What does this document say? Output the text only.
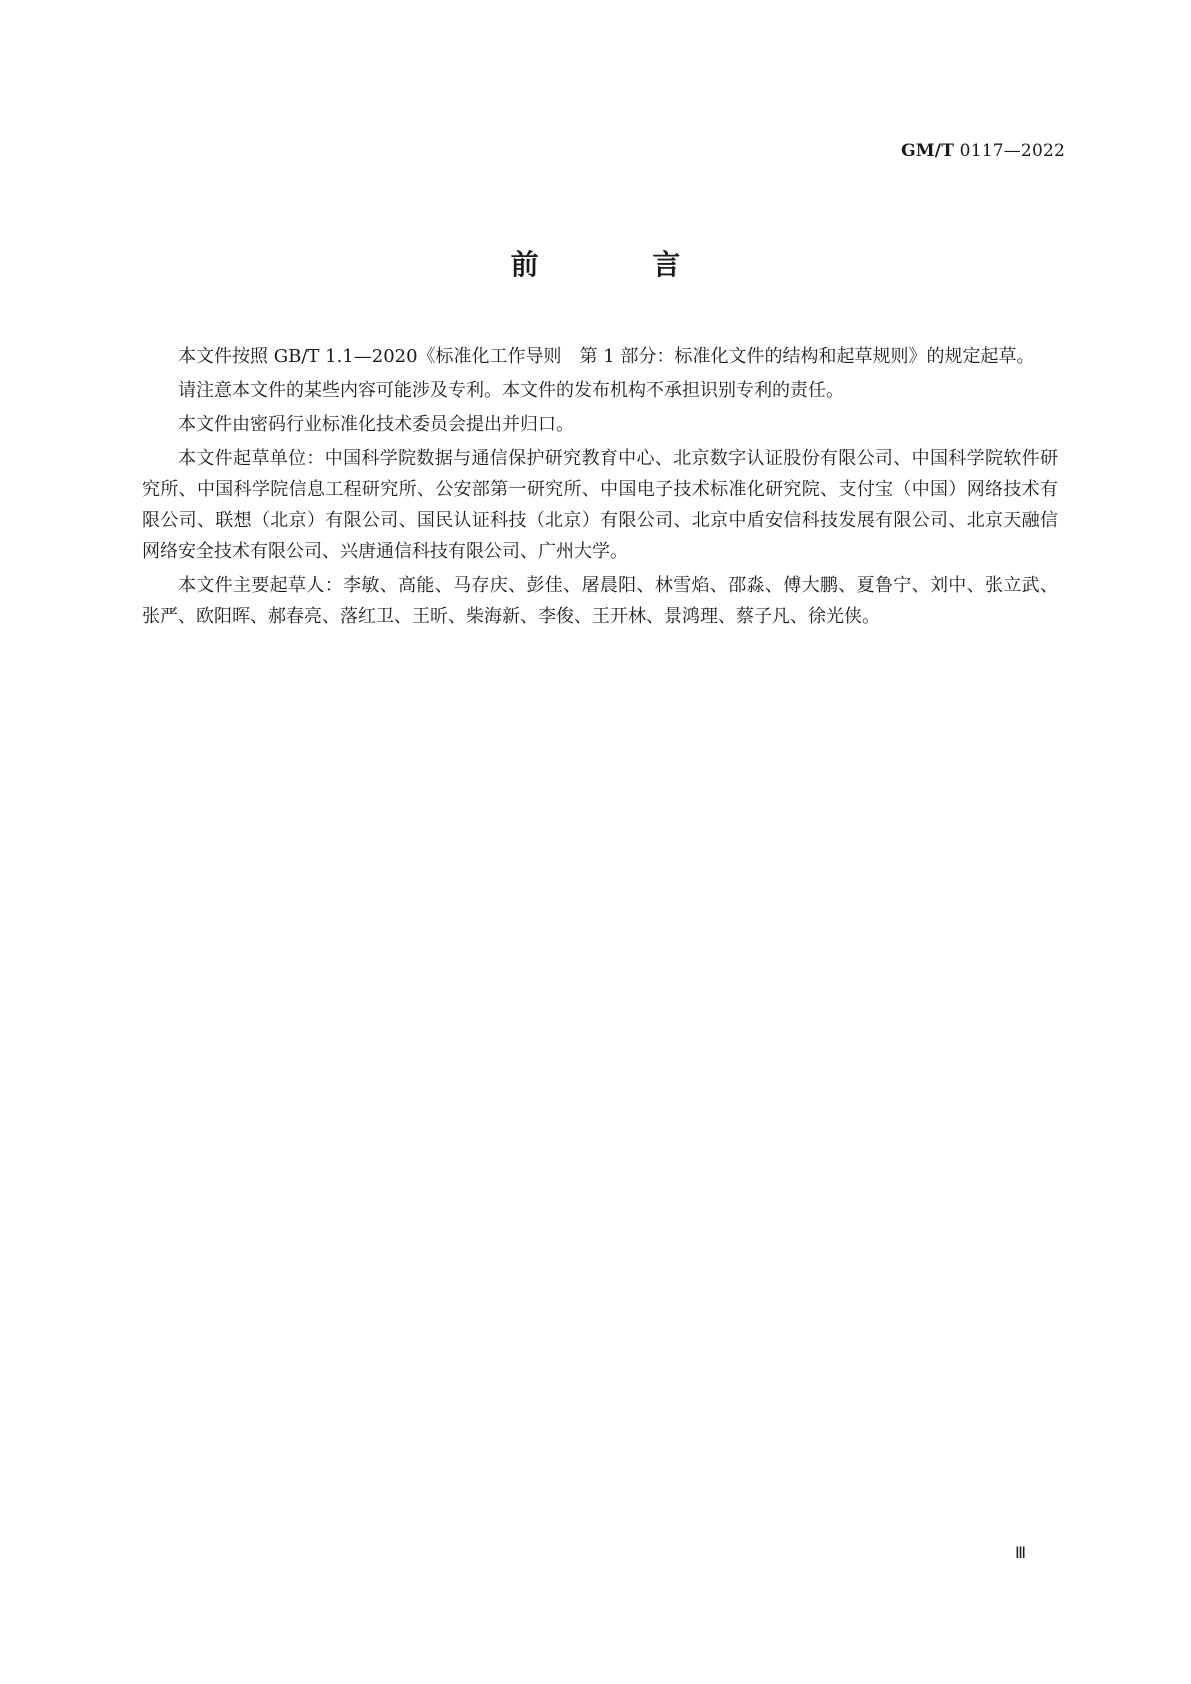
GM/T 0117—2022
前 言

本文件按照 GB/T 1.1—2020《标准化工作导则　第 1 部分：标准化文件的结构和起草规则》的规定起草。

请注意本文件的某些内容可能涉及专利。本文件的发布机构不承担识别专利的责任。

本文件由密码行业标准化技术委员会提出并归口。

本文件起草单位：中国科学院数据与通信保护研究教育中心、北京数字认证股份有限公司、中国科学院软件研究所、中国科学院信息工程研究所、公安部第一研究所、中国电子技术标准化研究院、支付宝（中国）网络技术有限公司、联想（北京）有限公司、国民认证科技（北京）有限公司、北京中盾安信科技发展有限公司、北京天融信网络安全技术有限公司、兴唐通信科技有限公司、广州大学。

本文件主要起草人：李敏、高能、马存庆、彭佳、屠晨阳、林雪焰、邵淼、傅大鹏、夏鲁宁、刘中、张立武、张严、欧阳晖、郝春亮、落红卫、王昕、柴海新、李俊、王开林、景鸿理、蔡子凡、徐光侠。

Ⅲ
